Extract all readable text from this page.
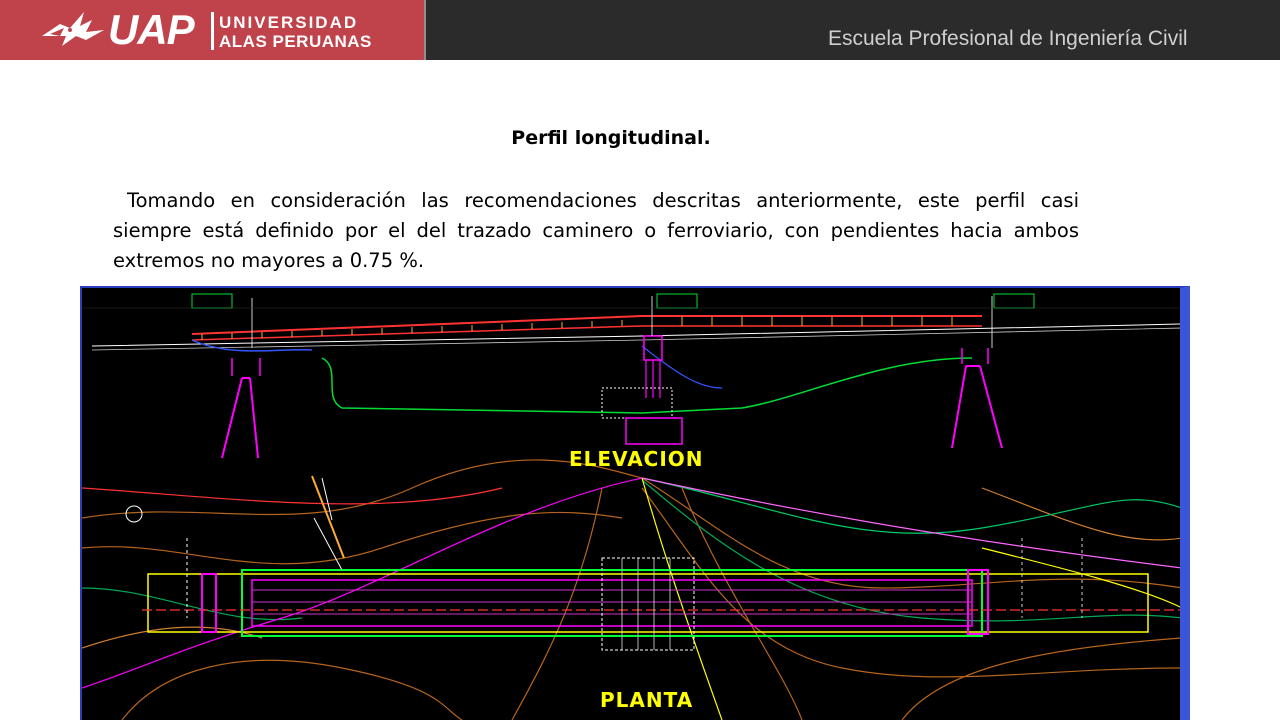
UAP UNIVERSIDAD
ALAS PERUANAS	Escuela Profesional de Ingeniería Civil
Perfil longitudinal.

Tomando en consideración las recomendaciones descritas anteriormente, este perfil casi siempre está definido por el del trazado caminero o ferroviario, con pendientes hacia ambos extremos no mayores a 0.75 %.

ELEVACION
PLANTA
